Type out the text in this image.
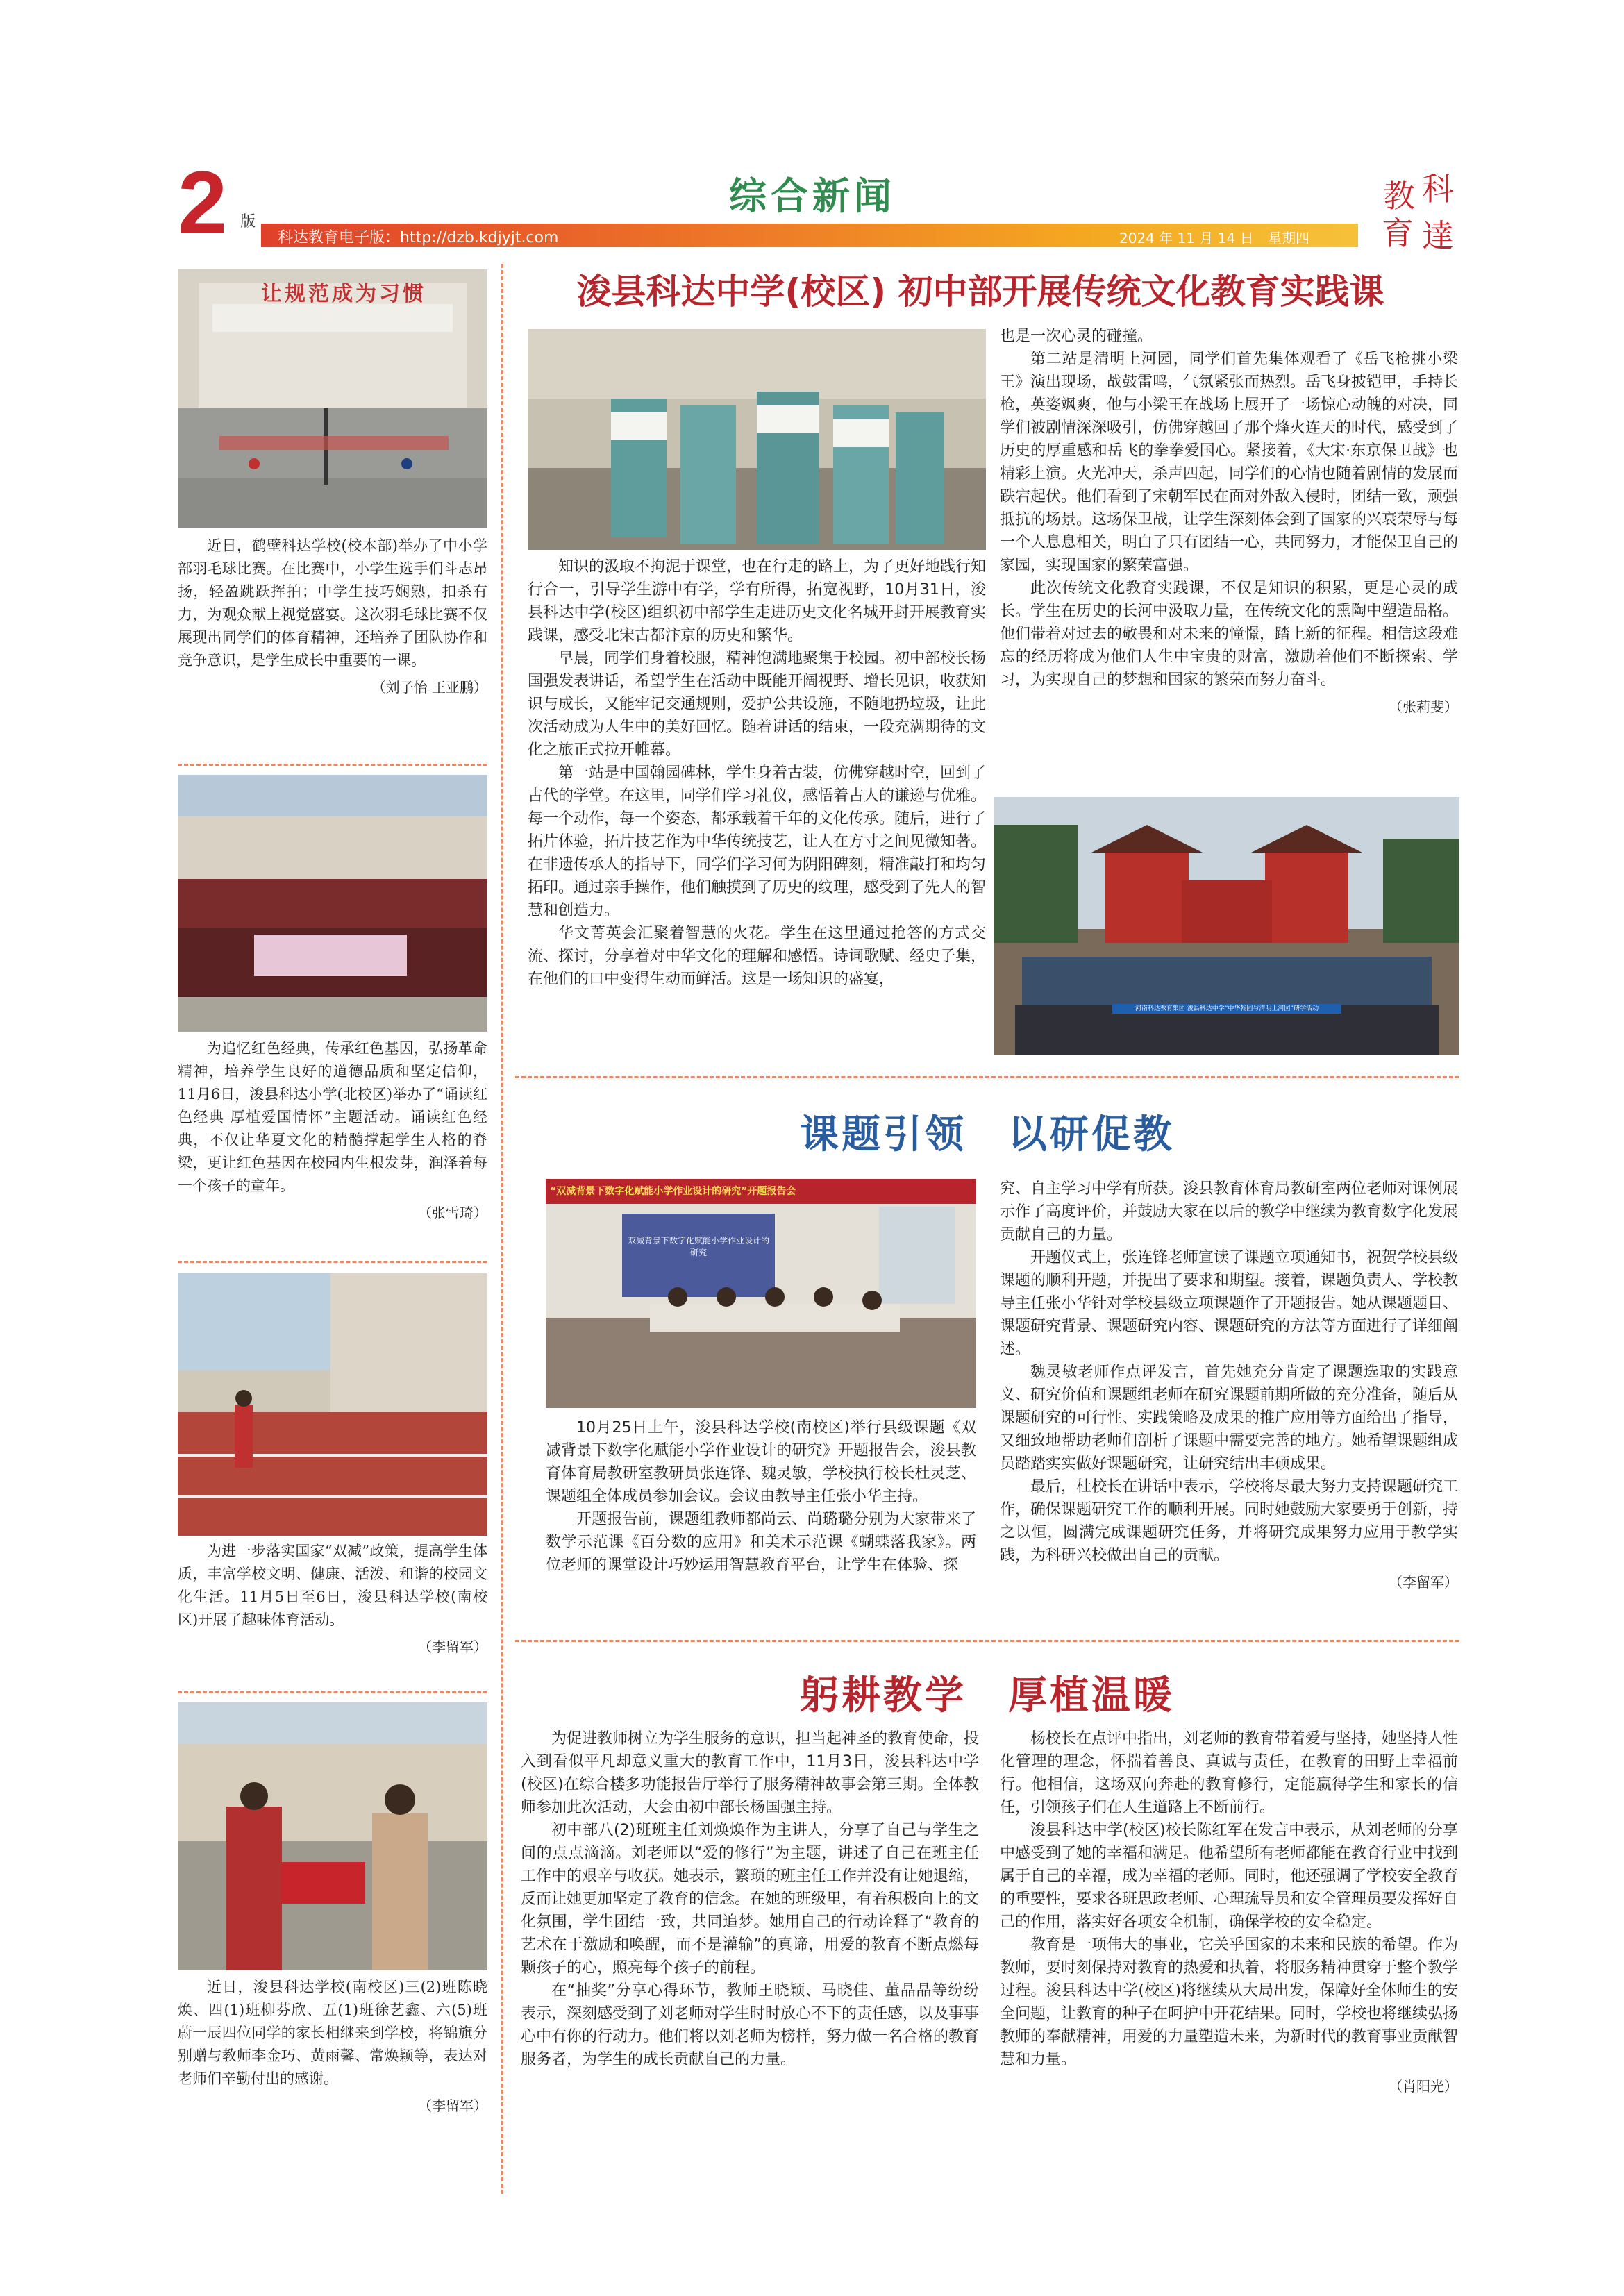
2 版
综合新闻
科达教育电子版：http://dzb.kdjyjt.com	2024 年 11 月 14 日 星期四
教 科
育 達
让规范成为习惯

近日，鹤壁科达学校(校本部)举办了中小学部羽毛球比赛。在比赛中，小学生选手们斗志昂扬，轻盈跳跃挥拍；中学生技巧娴熟，扣杀有力，为观众献上视觉盛宴。这次羽毛球比赛不仅展现出同学们的体育精神，还培养了团队协作和竞争意识，是学生成长中重要的一课。

（刘子怡 王亚鹏）

为追忆红色经典，传承红色基因，弘扬革命精神，培养学生良好的道德品质和坚定信仰，11月6日，浚县科达小学(北校区)举办了“诵读红色经典 厚植爱国情怀”主题活动。诵读红色经典，不仅让华夏文化的精髓撑起学生人格的脊梁，更让红色基因在校园内生根发芽，润泽着每一个孩子的童年。

（张雪琦）

为进一步落实国家“双减”政策，提高学生体质，丰富学校文明、健康、活泼、和谐的校园文化生活。11月5日至6日，浚县科达学校(南校区)开展了趣味体育活动。

（李留军）

近日，浚县科达学校(南校区)三(2)班陈晓焕、四(1)班柳芬欣、五(1)班徐艺鑫、六(5)班蔚一辰四位同学的家长相继来到学校，将锦旗分别赠与教师李金巧、黄雨馨、常焕颖等，表达对老师们辛勤付出的感谢。

（李留军）

浚县科达中学(校区) 初中部开展传统文化教育实践课

知识的汲取不拘泥于课堂，也在行走的路上，为了更好地践行知行合一，引导学生游中有学，学有所得，拓宽视野，10月31日，浚县科达中学(校区)组织初中部学生走进历史文化名城开封开展教育实践课，感受北宋古都汴京的历史和繁华。

早晨，同学们身着校服，精神饱满地聚集于校园。初中部校长杨国强发表讲话，希望学生在活动中既能开阔视野、增长见识，收获知识与成长，又能牢记交通规则，爱护公共设施，不随地扔垃圾，让此次活动成为人生中的美好回忆。随着讲话的结束，一段充满期待的文化之旅正式拉开帷幕。

第一站是中国翰园碑林，学生身着古装，仿佛穿越时空，回到了古代的学堂。在这里，同学们学习礼仪，感悟着古人的谦逊与优雅。每一个动作，每一个姿态，都承载着千年的文化传承。随后，进行了拓片体验，拓片技艺作为中华传统技艺，让人在方寸之间见微知著。在非遗传承人的指导下，同学们学习何为阴阳碑刻，精准敲打和均匀拓印。通过亲手操作，他们触摸到了历史的纹理，感受到了先人的智慧和创造力。

华文菁英会汇聚着智慧的火花。学生在这里通过抢答的方式交流、探讨，分享着对中华文化的理解和感悟。诗词歌赋、经史子集，在他们的口中变得生动而鲜活。这是一场知识的盛宴，

也是一次心灵的碰撞。

第二站是清明上河园，同学们首先集体观看了《岳飞枪挑小梁王》演出现场，战鼓雷鸣，气氛紧张而热烈。岳飞身披铠甲，手持长枪，英姿飒爽，他与小梁王在战场上展开了一场惊心动魄的对决，同学们被剧情深深吸引，仿佛穿越回了那个烽火连天的时代，感受到了历史的厚重感和岳飞的拳拳爱国心。紧接着，《大宋·东京保卫战》也精彩上演。火光冲天，杀声四起，同学们的心情也随着剧情的发展而跌宕起伏。他们看到了宋朝军民在面对外敌入侵时，团结一致，顽强抵抗的场景。这场保卫战，让学生深刻体会到了国家的兴衰荣辱与每一个人息息相关，明白了只有团结一心，共同努力，才能保卫自己的家园，实现国家的繁荣富强。

此次传统文化教育实践课，不仅是知识的积累，更是心灵的成长。学生在历史的长河中汲取力量，在传统文化的熏陶中塑造品格。他们带着对过去的敬畏和对未来的憧憬，踏上新的征程。相信这段难忘的经历将成为他们人生中宝贵的财富，激励着他们不断探索、学习，为实现自己的梦想和国家的繁荣而努力奋斗。

（张莉斐）

河南科达教育集团 浚县科达中学“中华翰园与清明上河园”研学活动
课题引领　以研促教
“双减背景下数字化赋能小学作业设计的研究”开题报告会
双减背景下数字化赋能小学作业设计的研究

10月25日上午，浚县科达学校(南校区)举行县级课题《双减背景下数字化赋能小学作业设计的研究》开题报告会，浚县教育体育局教研室教研员张连锋、魏灵敏，学校执行校长杜灵芝、课题组全体成员参加会议。会议由教导主任张小华主持。

开题报告前，课题组教师都尚云、尚璐璐分别为大家带来了数学示范课《百分数的应用》和美术示范课《蝴蝶落我家》。两位老师的课堂设计巧妙运用智慧教育平台，让学生在体验、探

究、自主学习中学有所获。浚县教育体育局教研室两位老师对课例展示作了高度评价，并鼓励大家在以后的教学中继续为教育数字化发展贡献自己的力量。

开题仪式上，张连锋老师宣读了课题立项通知书，祝贺学校县级课题的顺利开题，并提出了要求和期望。接着，课题负责人、学校教导主任张小华针对学校县级立项课题作了开题报告。她从课题题目、课题研究背景、课题研究内容、课题研究的方法等方面进行了详细阐述。

魏灵敏老师作点评发言，首先她充分肯定了课题选取的实践意义、研究价值和课题组老师在研究课题前期所做的充分准备，随后从课题研究的可行性、实践策略及成果的推广应用等方面给出了指导，又细致地帮助老师们剖析了课题中需要完善的地方。她希望课题组成员踏踏实实做好课题研究，让研究结出丰硕成果。

最后，杜校长在讲话中表示，学校将尽最大努力支持课题研究工作，确保课题研究工作的顺利开展。同时她鼓励大家要勇于创新，持之以恒，圆满完成课题研究任务，并将研究成果努力应用于教学实践，为科研兴校做出自己的贡献。

（李留军）

躬耕教学　厚植温暖

为促进教师树立为学生服务的意识，担当起神圣的教育使命，投入到看似平凡却意义重大的教育工作中，11月3日，浚县科达中学(校区)在综合楼多功能报告厅举行了服务精神故事会第三期。全体教师参加此次活动，大会由初中部长杨国强主持。

初中部八(2)班班主任刘焕焕作为主讲人，分享了自己与学生之间的点点滴滴。刘老师以“爱的修行”为主题，讲述了自己在班主任工作中的艰辛与收获。她表示，繁琐的班主任工作并没有让她退缩，反而让她更加坚定了教育的信念。在她的班级里，有着积极向上的文化氛围，学生团结一致，共同追梦。她用自己的行动诠释了“教育的艺术在于激励和唤醒，而不是灌输”的真谛，用爱的教育不断点燃每颗孩子的心，照亮每个孩子的前程。

在“抽奖”分享心得环节，教师王晓颖、马晓佳、董晶晶等纷纷表示，深刻感受到了刘老师对学生时时放心不下的责任感，以及事事心中有你的行动力。他们将以刘老师为榜样，努力做一名合格的教育服务者，为学生的成长贡献自己的力量。

杨校长在点评中指出，刘老师的教育带着爱与坚持，她坚持人性化管理的理念，怀揣着善良、真诚与责任，在教育的田野上幸福前行。他相信，这场双向奔赴的教育修行，定能赢得学生和家长的信任，引领孩子们在人生道路上不断前行。

浚县科达中学(校区)校长陈红军在发言中表示，从刘老师的分享中感受到了她的幸福和满足。他希望所有老师都能在教育行业中找到属于自己的幸福，成为幸福的老师。同时，他还强调了学校安全教育的重要性，要求各班思政老师、心理疏导员和安全管理员要发挥好自己的作用，落实好各项安全机制，确保学校的安全稳定。

教育是一项伟大的事业，它关乎国家的未来和民族的希望。作为教师，要时刻保持对教育的热爱和执着，将服务精神贯穿于整个教学过程。浚县科达中学(校区)将继续从大局出发，保障好全体师生的安全问题，让教育的种子在呵护中开花结果。同时，学校也将继续弘扬教师的奉献精神，用爱的力量塑造未来，为新时代的教育事业贡献智慧和力量。

（肖阳光）
